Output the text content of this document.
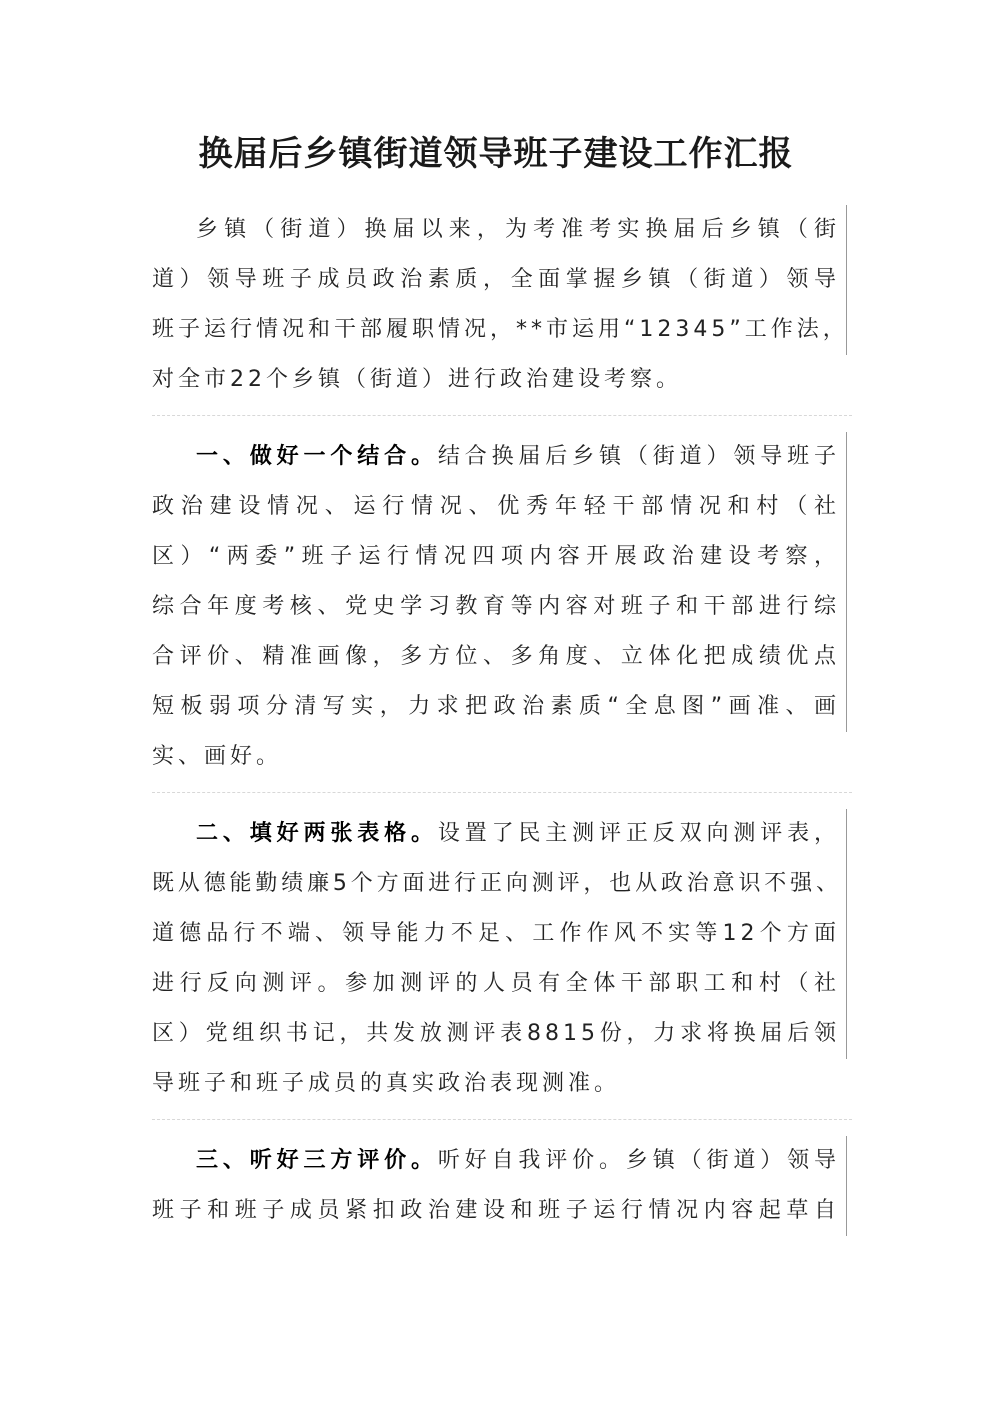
换届后乡镇街道领导班子建设工作汇报
乡镇（街道）换届以来，为考准考实换届后乡镇（街
道）领导班子成员政治素质，全面掌握乡镇（街道）领导
班子运行情况和干部履职情况，**市运用“12345”工作法，
对全市22个乡镇（街道）进行政治建设考察。
一、做好一个结合。结合换届后乡镇（街道）领导班子
政治建设情况、运行情况、优秀年轻干部情况和村（社
区）“两委”班子运行情况四项内容开展政治建设考察，
综合年度考核、党史学习教育等内容对班子和干部进行综
合评价、精准画像，多方位、多角度、立体化把成绩优点
短板弱项分清写实，力求把政治素质“全息图”画准、画
实、画好。
二、填好两张表格。设置了民主测评正反双向测评表，
既从德能勤绩廉5个方面进行正向测评，也从政治意识不强、
道德品行不端、领导能力不足、工作作风不实等12个方面
进行反向测评。参加测评的人员有全体干部职工和村（社
区）党组织书记，共发放测评表8815份，力求将换届后领
导班子和班子成员的真实政治表现测准。
三、听好三方评价。听好自我评价。乡镇（街道）领导
班子和班子成员紧扣政治建设和班子运行情况内容起草自
